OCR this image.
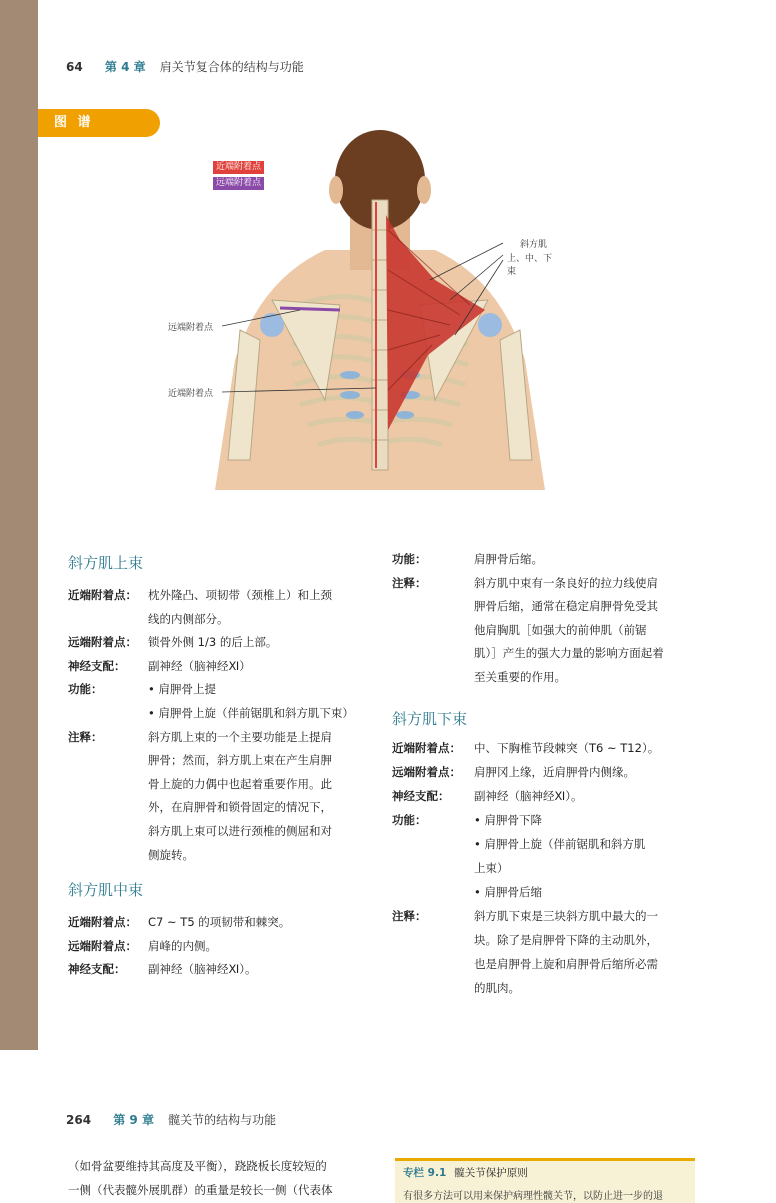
64 第 4 章 肩关节复合体的结构与功能
图 谱
近端附着点
远端附着点
斜方肌
上、中、下束
远端附着点
近端附着点
斜方肌上束
斜方肌中束
斜方肌下束
近端附着点： 枕外隆凸、项韧带（颈椎上）和上颈
线的内侧部分。
远端附着点： 锁骨外侧 1/3 的后上部。
神经支配： 副神经（脑神经Ⅺ）
功能：	• 肩胛骨上提
• 肩胛骨上旋（伴前锯肌和斜方肌下束）
注释：	斜方肌上束的一个主要功能是上提肩
胛骨；然而，斜方肌上束在产生肩胛
骨上旋的力偶中也起着重要作用。此
外，在肩胛骨和锁骨固定的情况下，
斜方肌上束可以进行颈椎的侧屈和对
侧旋转。
近端附着点： C7 ~ T5 的项韧带和棘突。
远端附着点： 肩峰的内侧。
神经支配： 副神经（脑神经Ⅺ）。
功能：	肩胛骨后缩。
注释：	斜方肌中束有一条良好的拉力线使肩
胛骨后缩，通常在稳定肩胛骨免受其
他肩胸肌［如强大的前伸肌（前锯
肌）］产生的强大力量的影响方面起着
至关重要的作用。
近端附着点： 中、下胸椎节段棘突（T6 ~ T12）。
远端附着点： 肩胛冈上缘，近肩胛骨内侧缘。
神经支配： 副神经（脑神经Ⅺ）。
功能：	• 肩胛骨下降
• 肩胛骨上旋（伴前锯肌和斜方肌
上束）
• 肩胛骨后缩
注释：	斜方肌下束是三块斜方肌中最大的一
块。除了是肩胛骨下降的主动肌外，
也是肩胛骨上旋和肩胛骨后缩所必需
的肌肉。
264 第 9 章 髋关节的结构与功能
（如骨盆要维持其高度及平衡），跷跷板长度较短的
一侧（代表髋外展肌群）的重量是较长一侧（代表体
专栏 9.1 髋关节保护原则
有很多方法可以用来保护病理性髋关节，以防止进一步的退
